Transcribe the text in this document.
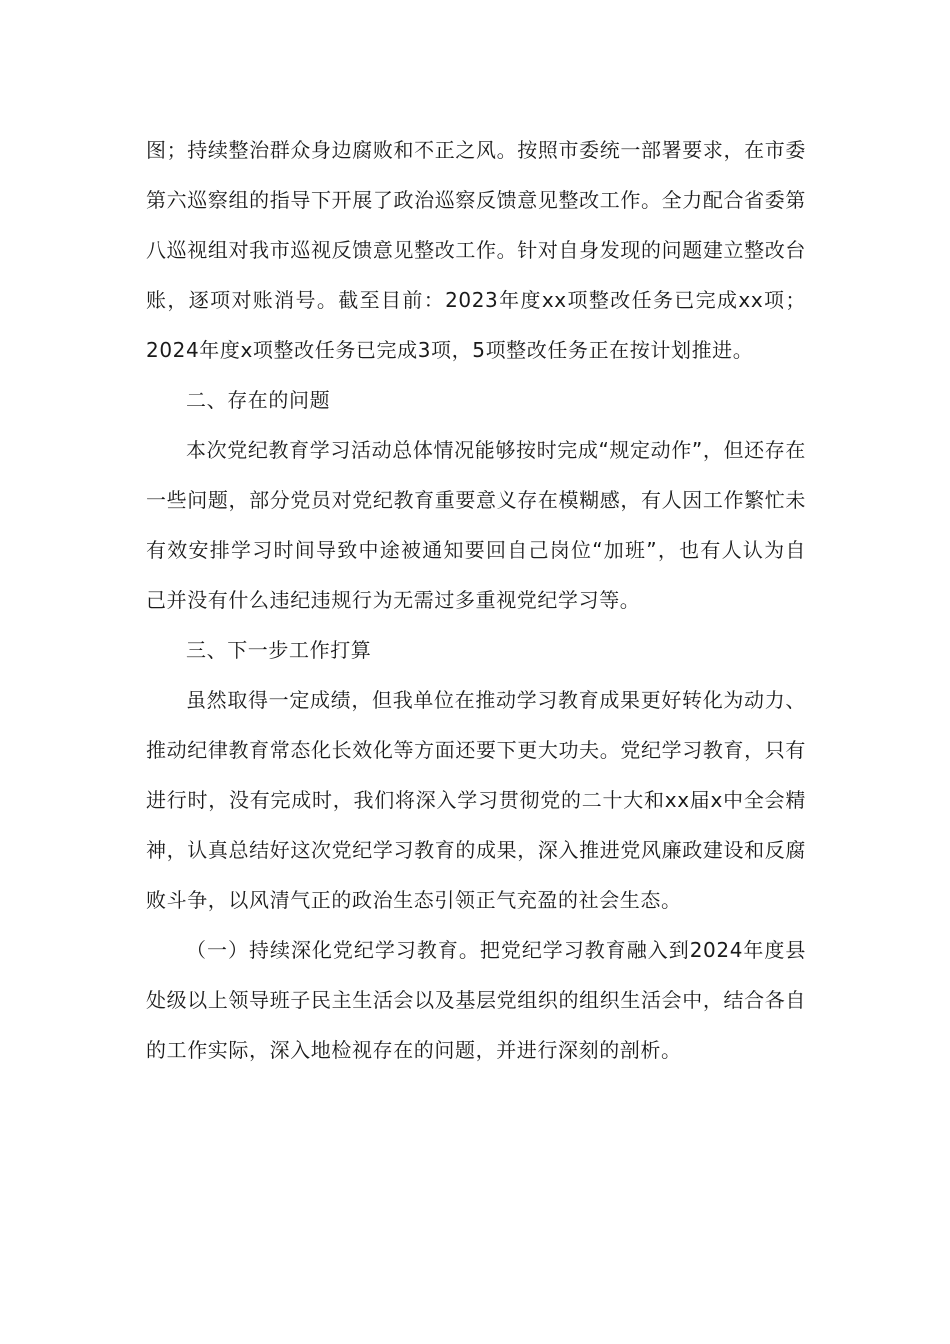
图；持续整治群众身边腐败和不正之风。按照市委统一部署要求，在市委第六巡察组的指导下开展了政治巡察反馈意见整改工作。全力配合省委第八巡视组对我市巡视反馈意见整改工作。针对自身发现的问题建立整改台账，逐项对账消号。截至目前：2023年度xx项整改任务已完成xx项；2024年度x项整改任务已完成3项，5项整改任务正在按计划推进。

二、存在的问题

本次党纪教育学习活动总体情况能够按时完成“规定动作”，但还存在一些问题，部分党员对党纪教育重要意义存在模糊感，有人因工作繁忙未有效安排学习时间导致中途被通知要回自己岗位“加班”，也有人认为自己并没有什么违纪违规行为无需过多重视党纪学习等。

三、下一步工作打算

虽然取得一定成绩，但我单位在推动学习教育成果更好转化为动力、推动纪律教育常态化长效化等方面还要下更大功夫。党纪学习教育，只有进行时，没有完成时，我们将深入学习贯彻党的二十大和xx届x中全会精神，认真总结好这次党纪学习教育的成果，深入推进党风廉政建设和反腐败斗争，以风清气正的政治生态引领正气充盈的社会生态。

（一）持续深化党纪学习教育。把党纪学习教育融入到2024年度县处级以上领导班子民主生活会以及基层党组织的组织生活会中，结合各自的工作实际，深入地检视存在的问题，并进行深刻的剖析。
